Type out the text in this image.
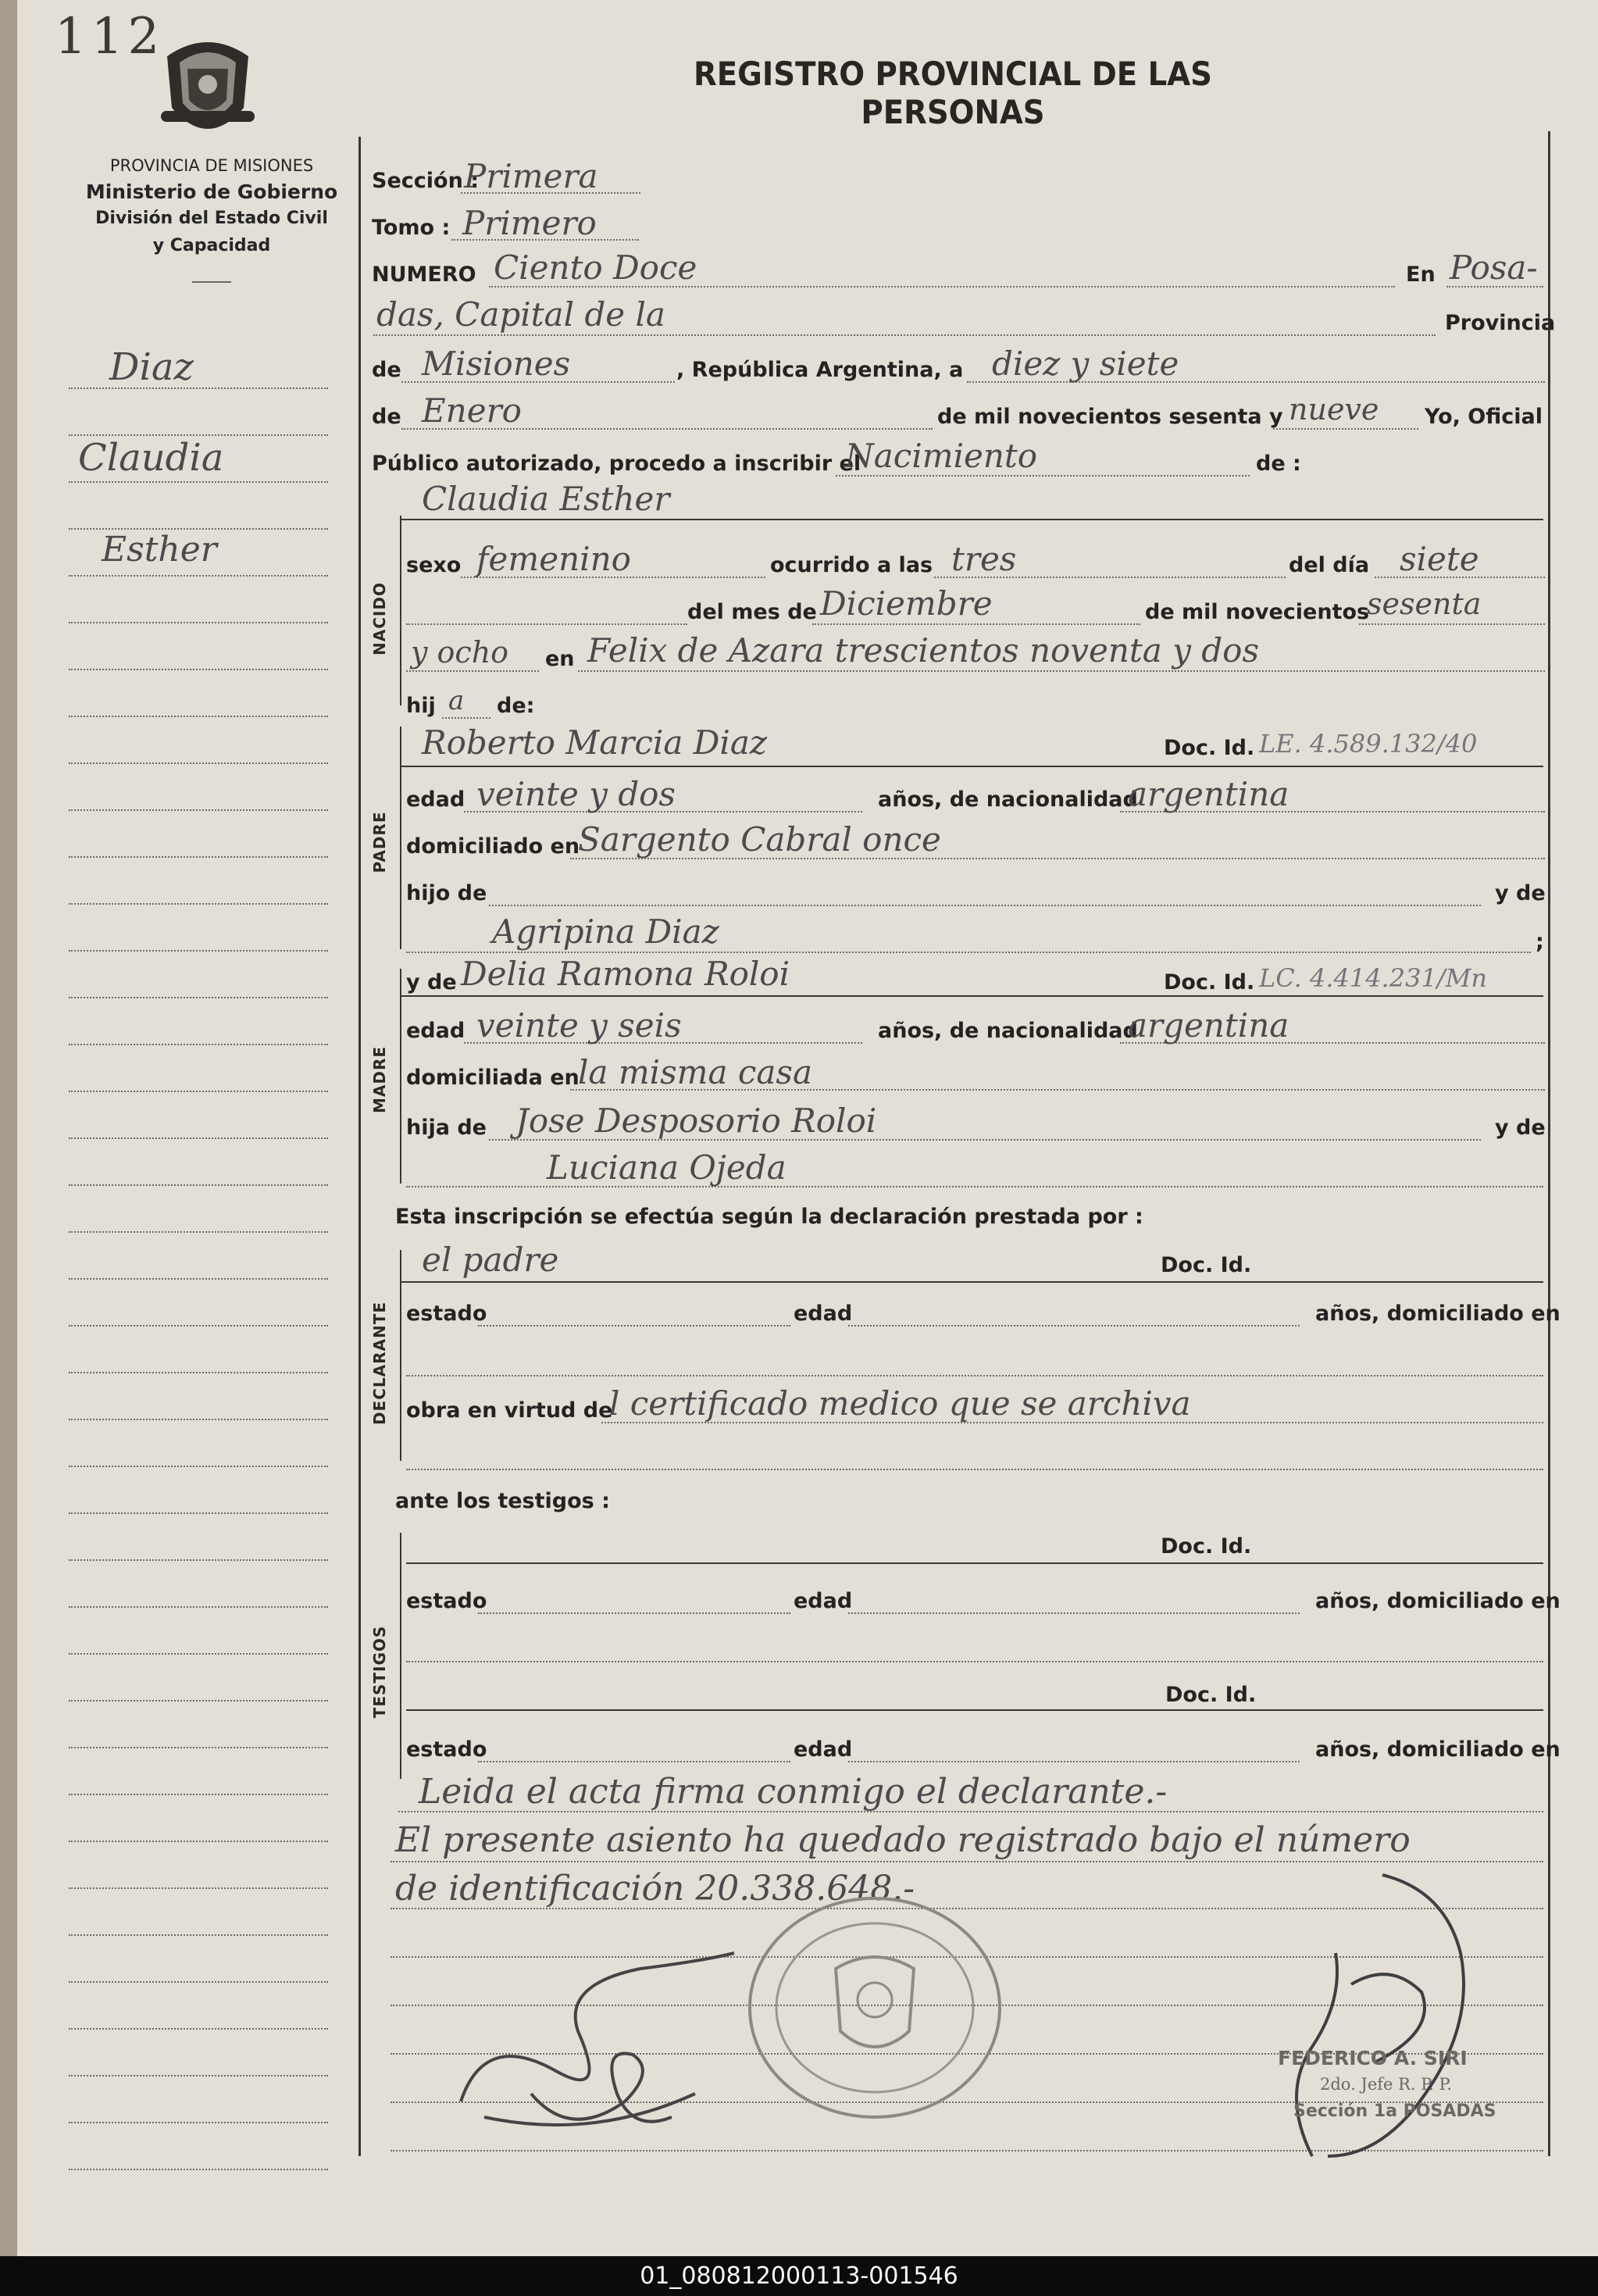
112
PROVINCIA DE MISIONES
Ministerio de Gobierno
División del Estado Civil
y Capacidad
REGISTRO PROVINCIAL DE LAS PERSONAS
Diaz
Claudia
Esther
NACIDO
PADRE
MADRE
DECLARANTE
TESTIGOS
Sección :
Primera
Tomo : Primero
NUMERO Ciento Doce	En Posa-
das, Capital de la	Provincia
de Misiones	, República Argentina, a diez y siete
de Enero	de mil novecientos sesenta y nueve Yo, Oficial
Público autorizado, procedo a inscribir el
Nacimiento	de :
Claudia Esther
sexo femenino	ocurrido a las tres	del día siete
del mes de Diciembre	de mil novecientos
sesenta
y ocho en Felix de Azara trescientos noventa y dos
hij a de:
Roberto Marcia Diaz	Doc. Id. LE. 4.589.132/40
edad veinte y dos	años, de nacionalidad
argentina
domiciliado en
Sargento Cabral once
hijo de	y de
Agripina Diaz	;
y de Delia Ramona Roloi	Doc. Id. LC. 4.414.231/Mn
edad veinte y seis	años, de nacionalidad
argentina
domiciliada en
la misma casa
hija de Jose Desposorio Roloi	y de
Luciana Ojeda
Esta inscripción se efectúa según la declaración prestada por :
el padre	Doc. Id.
estado	edad	años, domiciliado en
obra en virtud de
l certificado medico que se archiva
ante los testigos :
Doc. Id.
estado	edad	años, domiciliado en
Doc. Id.
estado	edad	años, domiciliado en
Leida el acta firma conmigo el declarante.-
El presente asiento ha quedado registrado bajo el número
de identificación 20.338.648.-
FEDERICO A. SIRI
2do. Jefe R. P. P.
Sección 1a POSADAS
01_080812000113-001546
